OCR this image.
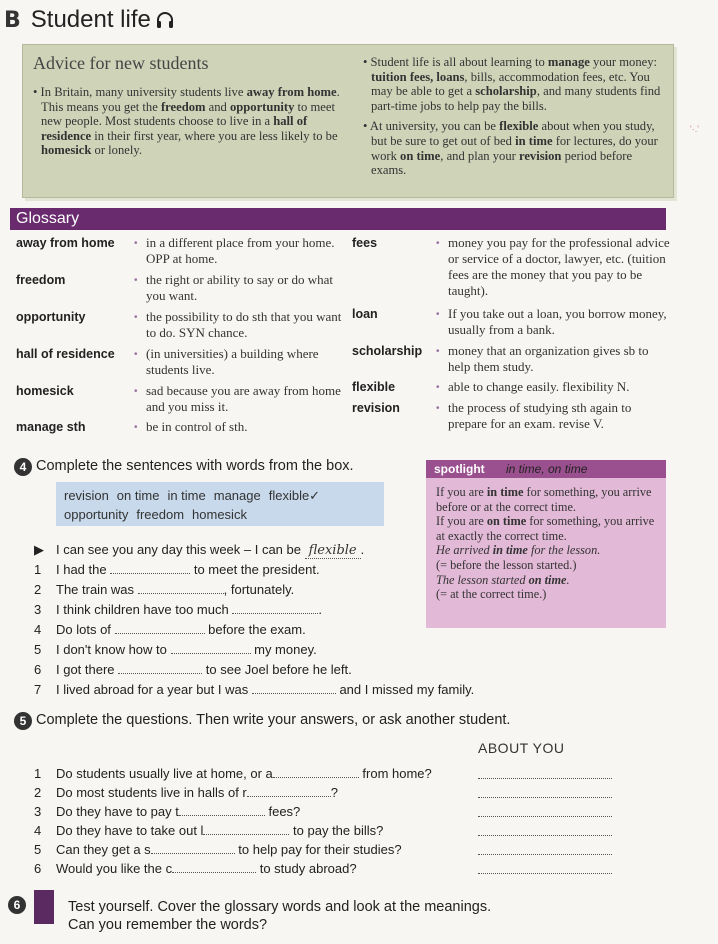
B Student life
Advice for new students

• In Britain, many university students live away from home. This means you get the freedom and opportunity to meet new people. Most students choose to live in a hall of residence in their first year, where you are less likely to be homesick or lonely.

• Student life is all about learning to manage your money: tuition fees, loans, bills, accommodation fees, etc. You may be able to get a scholarship, and many students find part-time jobs to help pay the bills.

• At university, you can be flexible about when you study, but be sure to get out of bed in time for lectures, do your work on time, and plan your revision period before exams.

'·.'
Glossary
away from home • in a different place from your home. OPP at home.
freedom	• the right or ability to say or do what you want.
opportunity	• the possibility to do sth that you want to do. SYN chance.
hall of residence • (in universities) a building where students live.
homesick	• sad because you are away from home and you miss it.
manage sth	• be in control of sth.
fees	• money you pay for the professional advice or service of a doctor, lawyer, etc. (tuition fees are the money that you pay to be taught).
loan	• If you take out a loan, you borrow money, usually from a bank.
scholarship • money that an organization gives sb to help them study.
flexible	• able to change easily. flexibility N.
revision	• the process of studying sth again to prepare for an exam. revise V.
4 Complete the sentences with words from the box.
revision on time in time manage flexible✓
opportunity freedom homesick
spotlight in time, on time
If you are in time for something, you arrive before or at the correct time.
If you are on time for something, you arrive at exactly the correct time.
He arrived in time for the lesson.
(= before the lesson started.)
The lesson started on time.
(= at the correct time.)
▶ I can see you any day this week – I can be flexible .
1 I had the	to meet the president.
2 The train was	, fortunately.
3 I think children have too much	.
4 Do lots of	before the exam.
5 I don't know how to	my money.
6 I got there	to see Joel before he left.
7 I lived abroad for a year but I was	and I missed my family.
5 Complete the questions. Then write your answers, or ask another student.
ABOUT YOU
1 Do students usually live at home, or a	from home?
2 Do most students live in halls of r	?
3 Do they have to pay t	fees?
4 Do they have to take out l	to pay the bills?
5 Can they get a s	to help pay for their studies?
6 Would you like the c	to study abroad?
6	Test yourself. Cover the glossary words and look at the meanings.
Can you remember the words?
